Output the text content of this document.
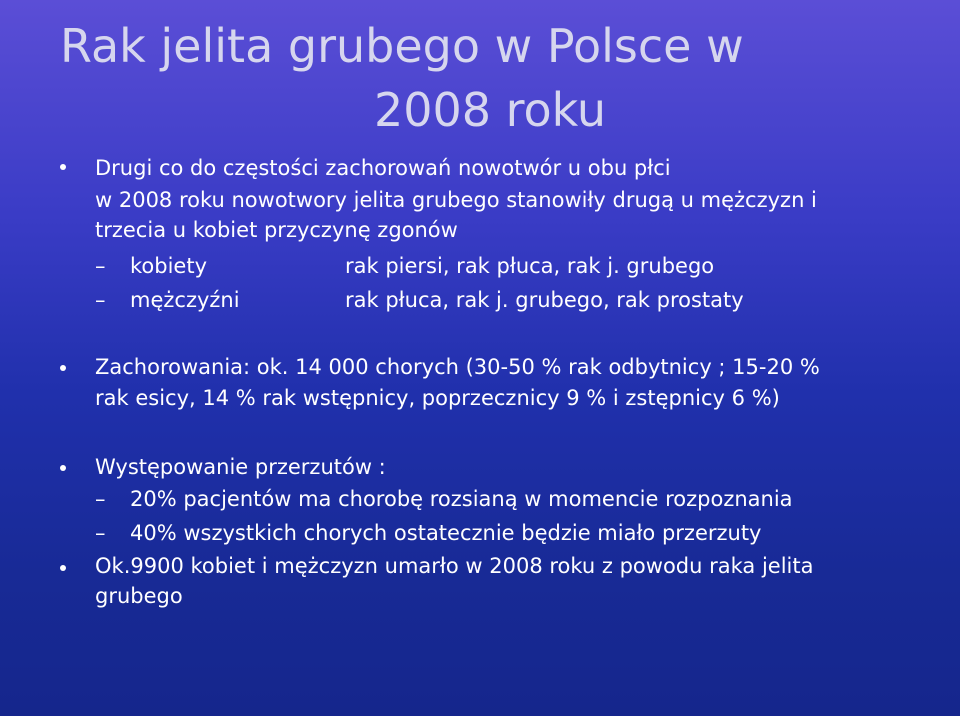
Rak jelita grubego w Polsce w
2008 roku
Drugi co do częstości zachorowań nowotwór u obu płci
w 2008 roku nowotwory jelita grubego stanowiły drugą u mężczyzn i
trzecia u kobiet przyczynę zgonów
– kobiety	rak piersi, rak płuca, rak j. grubego
– mężczyźni	rak płuca, rak j. grubego, rak prostaty
Zachorowania: ok. 14 000 chorych (30-50 % rak odbytnicy ; 15-20 %
rak esicy, 14 % rak wstępnicy, poprzecznicy 9 % i zstępnicy 6 %)
Występowanie przerzutów :
– 20% pacjentów ma chorobę rozsianą w momencie rozpoznania
– 40% wszystkich chorych ostatecznie będzie miało przerzuty
Ok.9900 kobiet i mężczyzn umarło w 2008 roku z powodu raka jelita
grubego
